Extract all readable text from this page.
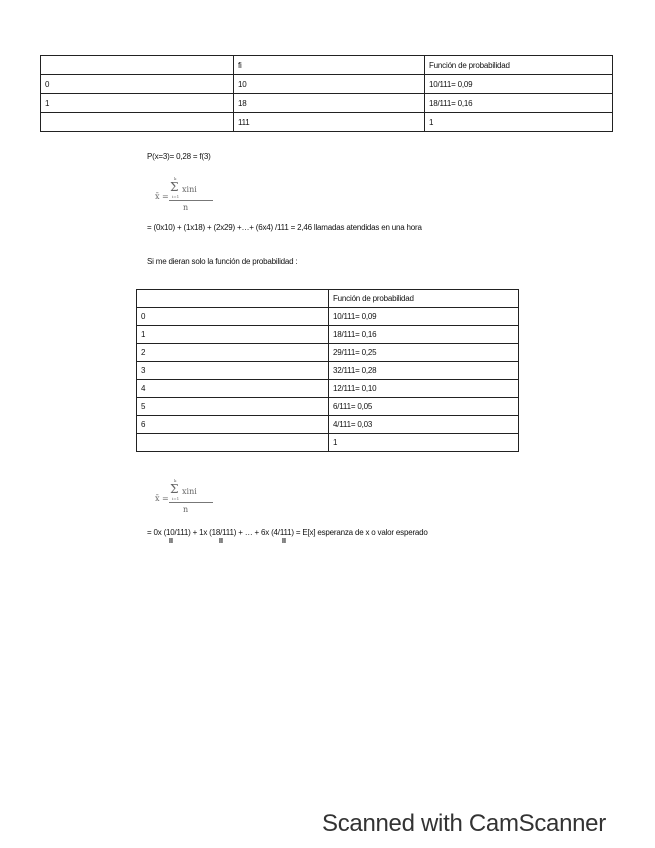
	fi	Función de probabilidad
0	10	10/111= 0,09
1	18	18/111= 0,16
	111	1
P(x=3)= 0,28 = f(3)
x̄ =
k
Σ
i=1
xini
n
= (0x10) + (1x18) + (2x29) +…+ (6x4) /111 = 2,46 llamadas atendidas en una hora
Si me dieran solo la función de probabilidad :
	Función de probabilidad
0	10/111= 0,09
1	18/111= 0,16
2	29/111= 0,25
3	32/111= 0,28
4	12/111= 0,10
5	6/111= 0,05
6	4/111= 0,03
	1
x̄ =
k
Σ
i=1
xini
n
= 0x (10/111) + 1x (18/111) + … + 6x (4/111) = E[x] esperanza de x o valor esperado
II	II	II
Scanned with CamScanner
